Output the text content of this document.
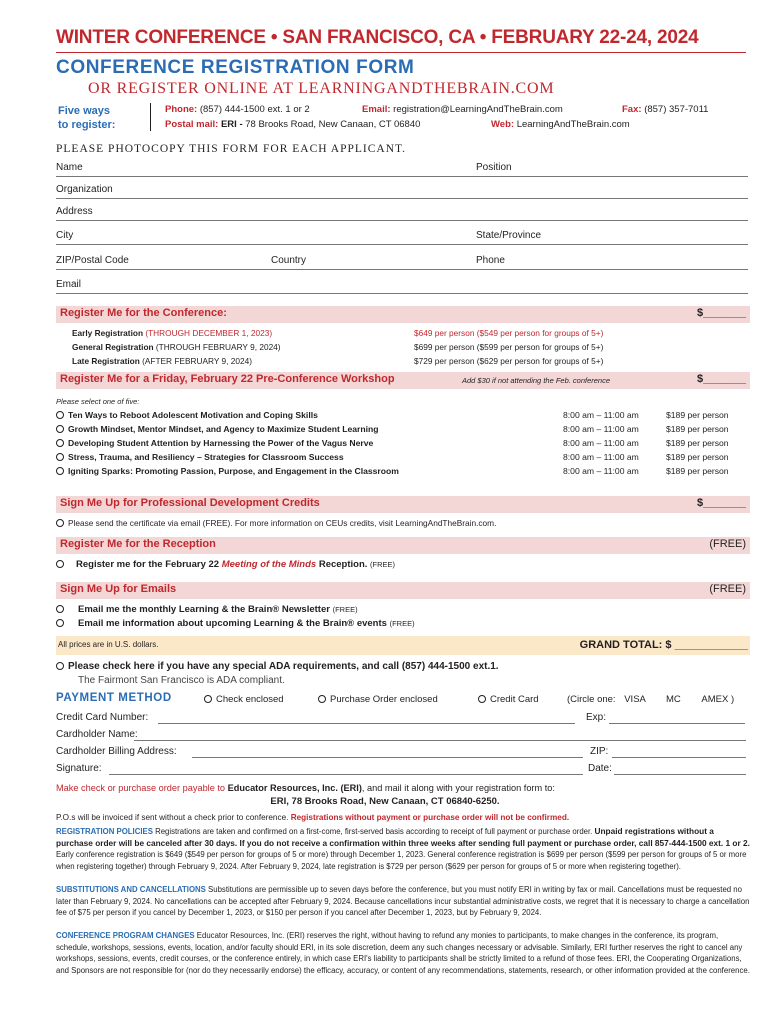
WINTER CONFERENCE • SAN FRANCISCO, CA • FEBRUARY 22-24, 2024
CONFERENCE REGISTRATION FORM
OR REGISTER ONLINE AT LEARNINGANDTHEBRAIN.COM
Five ways
to register:
Phone: (857) 444-1500 ext. 1 or 2	Email: registration@LearningAndTheBrain.com	Fax: (857) 357-7011
Postal mail: ERI - 78 Brooks Road, New Canaan, CT 06840	Web: LearningAndTheBrain.com
PLEASE PHOTOCOPY THIS FORM FOR EACH APPLICANT.
Name	Position
Organization
Address
City	State/Province
ZIP/Postal Code	Country	Phone
Email
Register Me for the Conference:	$_______
Early Registration (THROUGH DECEMBER 1, 2023)	$649 per person ($549 per person for groups of 5+)
General Registration (THROUGH FEBRUARY 9, 2024)	$699 per person ($599 per person for groups of 5+)
Late Registration (AFTER FEBRUARY 9, 2024)	$729 per person ($629 per person for groups of 5+)
Register Me for a Friday, February 22 Pre-Conference Workshop	Add $30 if not attending the Feb. conference	$_______
Please select one of five:
Ten Ways to Reboot Adolescent Motivation and Coping Skills	8:00 am – 11:00 am	$189 per person
Growth Mindset, Mentor Mindset, and Agency to Maximize Student Learning	8:00 am – 11:00 am	$189 per person
Developing Student Attention by Harnessing the Power of the Vagus Nerve	8:00 am – 11:00 am	$189 per person
Stress, Trauma, and Resiliency – Strategies for Classroom Success	8:00 am – 11:00 am	$189 per person
Igniting Sparks: Promoting Passion, Purpose, and Engagement in the Classroom	8:00 am – 11:00 am	$189 per person
Sign Me Up for Professional Development Credits	$_______
Please send the certificate via email (FREE). For more information on CEUs credits, visit LearningAndTheBrain.com.
Register Me for the Reception	(FREE)
Register me for the February 22 Meeting of the Minds Reception. (FREE)
Sign Me Up for Emails	(FREE)
Email me the monthly Learning & the Brain® Newsletter (FREE)
Email me information about upcoming Learning & the Brain® events (FREE)
All prices are in U.S. dollars.	GRAND TOTAL: $ ____________
Please check here if you have any special ADA requirements, and call (857) 444-1500 ext.1.
The Fairmont San Francisco is ADA compliant.
PAYMENT METHOD	Check enclosed	Purchase Order enclosed	Credit Card	(Circle one: VISA MC AMEX )
Credit Card Number:	Exp:
Cardholder Name:
Cardholder Billing Address:	ZIP:
Signature:	Date:
Make check or purchase order payable to Educator Resources, Inc. (ERI), and mail it along with your registration form to:
ERI, 78 Brooks Road, New Canaan, CT 06840-6250.
P.O.s will be invoiced if sent without a check prior to conference. Registrations without payment or purchase order will not be confirmed.
REGISTRATION POLICIES Registrations are taken and confirmed on a first-come, first-served basis according to receipt of full payment or purchase order. Unpaid registrations without a purchase order will be canceled after 30 days. If you do not receive a confirmation within three weeks after sending full payment or purchase order, call 857-444-1500 ext. 1 or 2. Early conference registration is $649 ($549 per person for groups of 5 or more) through December 1, 2023. General conference registration is $699 per person ($599 per person for groups of 5 or more when registering together) through February 9, 2024. After February 9, 2024, late registration is $729 per person ($629 per person for groups of 5 or more when registering together).
SUBSTITUTIONS AND CANCELLATIONS Substitutions are permissible up to seven days before the conference, but you must notify ERI in writing by fax or mail. Cancellations must be requested no later than February 9, 2024. No cancellations can be accepted after February 9, 2024. Because cancellations incur substantial administrative costs, we regret that it is necessary to charge a cancellation fee of $75 per person if you cancel by December 1, 2023, or $150 per person if you cancel after December 1, 2023, but by February 9, 2024.
CONFERENCE PROGRAM CHANGES Educator Resources, Inc. (ERI) reserves the right, without having to refund any monies to participants, to make changes in the conference, its program, schedule, workshops, sessions, events, location, and/or faculty should ERI, in its sole discretion, deem any such changes necessary or advisable. Similarly, ERI further reserves the right to cancel any workshops, sessions, events, credit courses, or the conference entirely, in which case ERI's liability to participants shall be strictly limited to a refund of those fees. ERI, the Cooperating Organizations, and Sponsors are not responsible for (nor do they necessarily endorse) the efficacy, accuracy, or content of any recommendations, statements, research, or other information provided at the conference.
